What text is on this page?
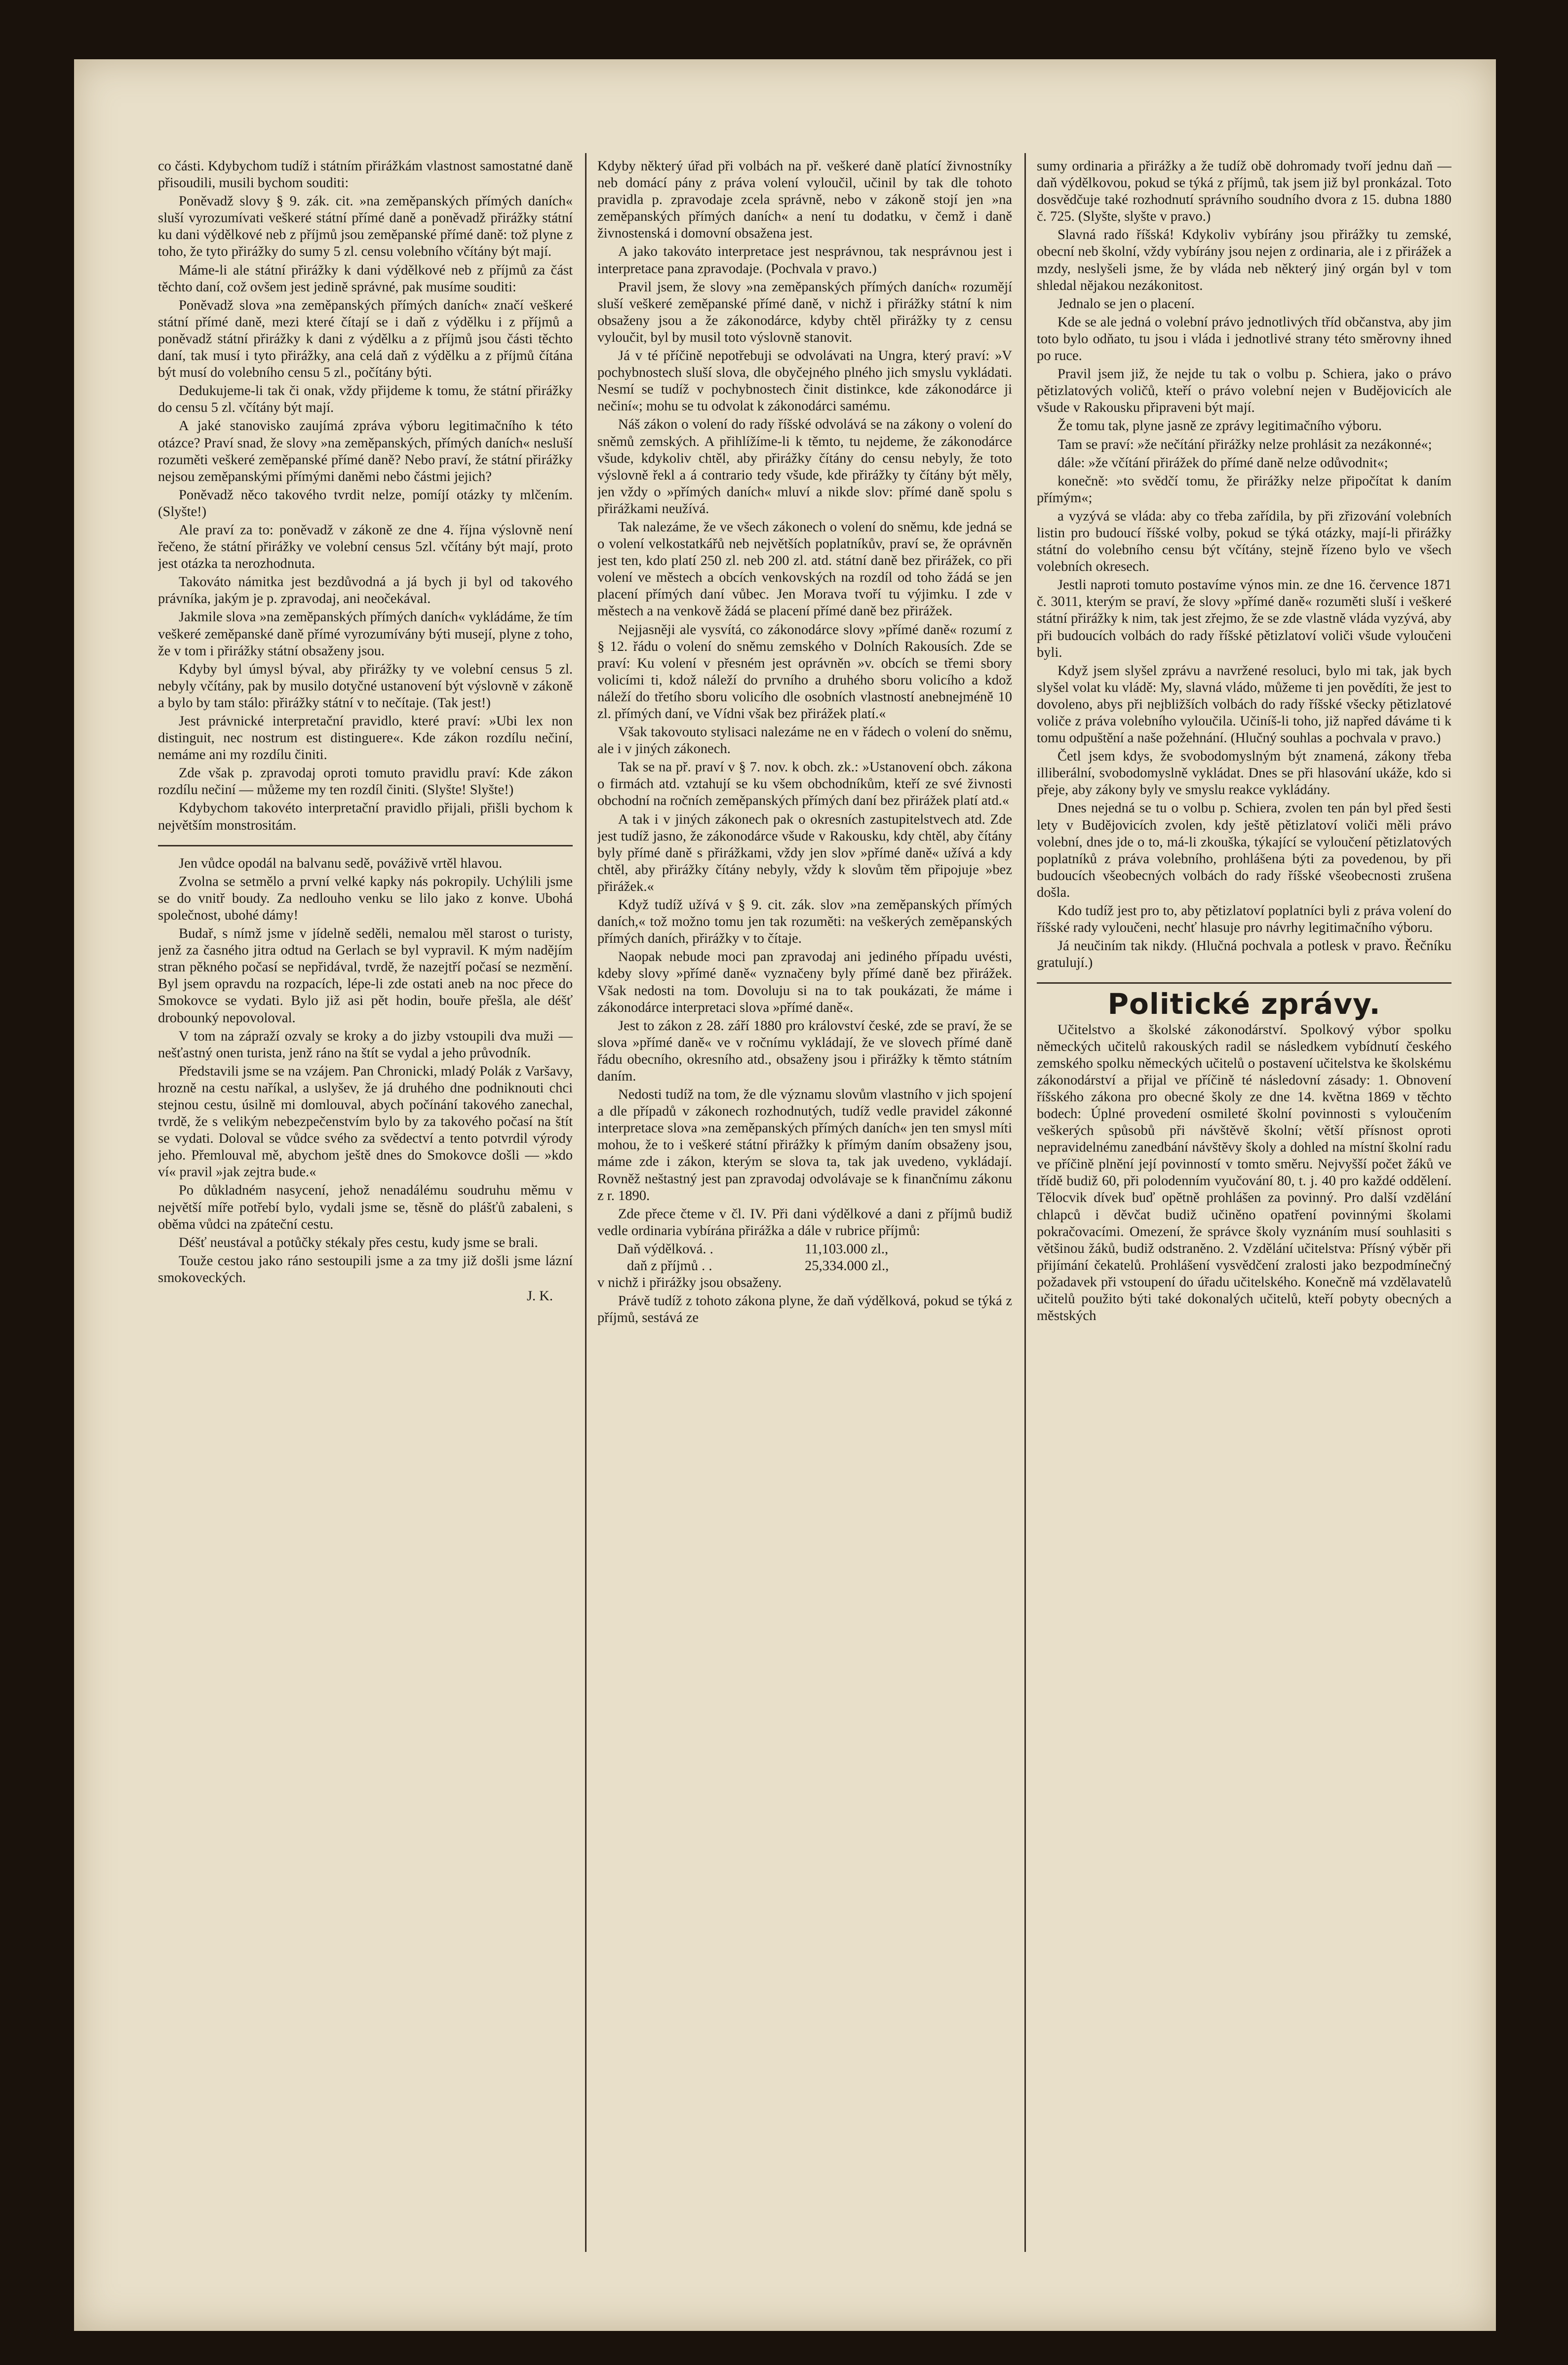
co části. Kdybychom tudíž i státním přirážkám vlastnost samostatné daně přisoudili, musili bychom souditi:

Poněvadž slovy § 9. zák. cit. »na zeměpanských přímých daních« sluší vyrozumívati veškeré státní přímé daně a poněvadž přirážky státní ku dani výdělkové neb z příjmů jsou zeměpanské přímé daně: tož plyne z toho, že tyto přirážky do sumy 5 zl. censu volebního včítány být mají.

Máme-li ale státní přirážky k dani výdělkové neb z příjmů za část těchto daní, což ovšem jest jedině správné, pak musíme souditi:

Poněvadž slova »na zeměpanských přímých daních« značí veškeré státní přímé daně, mezi které čítají se i daň z výdělku i z příjmů a poněvadž státní přirážky k dani z výdělku a z příjmů jsou části těchto daní, tak musí i tyto přirážky, ana celá daň z výdělku a z příjmů čítána být musí do volebního censu 5 zl., počítány býti.

Dedukujeme-li tak či onak, vždy přijdeme k tomu, že státní přirážky do censu 5 zl. včítány být mají.

A jaké stanovisko zaujímá zpráva výboru legitimačního k této otázce? Praví snad, že slovy »na zeměpanských, přímých daních« nesluší rozuměti veškeré zeměpanské přímé daně? Nebo praví, že státní přirážky nejsou zeměpanskými přímými daněmi nebo částmi jejich?

Poněvadž něco takového tvrdit nelze, pomíjí otázky ty mlčením. (Slyšte!)

Ale praví za to: poněvadž v zákoně ze dne 4. října výslovně není řečeno, že státní přirážky ve volební census 5zl. včítány být mají, proto jest otázka ta nerozhodnuta.

Takováto námitka jest bezdůvodná a já bych ji byl od takového právníka, jakým je p. zpravodaj, ani neočekával.

Jakmile slova »na zeměpanských přímých daních« vykládáme, že tím veškeré zeměpanské daně přímé vyrozumívány býti musejí, plyne z toho, že v tom i přirážky státní obsaženy jsou.

Kdyby byl úmysl býval, aby přirážky ty ve volební census 5 zl. nebyly včítány, pak by musilo dotyčné ustanovení být výslovně v zákoně a bylo by tam stálo: přirážky státní v to nečítaje. (Tak jest!)

Jest právnické interpretační pravidlo, které praví: »Ubi lex non distinguit, nec nostrum est distinguere«. Kde zákon rozdílu nečiní, nemáme ani my rozdílu činiti.

Zde však p. zpravodaj oproti tomuto pravidlu praví: Kde zákon rozdílu nečiní — můžeme my ten rozdíl činiti. (Slyšte! Slyšte!)

Kdybychom takovéto interpretační pravidlo přijali, přišli bychom k největším monstrositám.

Jen vůdce opodál na balvanu sedě, pováživě vrtěl hlavou.

Zvolna se setmělo a první velké kapky nás pokropily. Uchýlili jsme se do vnitř boudy. Za nedlouho venku se lilo jako z konve. Ubohá společnost, ubohé dámy!

Budař, s nímž jsme v jídelně seděli, nemalou měl starost o turisty, jenž za časného jitra odtud na Gerlach se byl vypravil. K mým nadějím stran pěkného počasí se nepřidával, tvrdě, že nazejtří počasí se nezmění. Byl jsem opravdu na rozpacích, lépe-li zde ostati aneb na noc přece do Smokovce se vydati. Bylo již asi pět hodin, bouře přešla, ale déšť drobounký nepovoloval.

V tom na zápraží ozvaly se kroky a do jizby vstoupili dva muži — nešťastný onen turista, jenž ráno na štít se vydal a jeho průvodník.

Představili jsme se na vzájem. Pan Chronicki, mladý Polák z Varšavy, hrozně na cestu naříkal, a uslyšev, že já druhého dne podniknouti chci stejnou cestu, úsilně mi domlouval, abych počínání takového zanechal, tvrdě, že s velikým nebezpečenstvím bylo by za takového počasí na štít se vydati. Doloval se vůdce svého za svědectví a tento potvrdil výrody jeho. Přemlouval mě, abychom ještě dnes do Smokovce došli — »kdo ví« pravil »jak zejtra bude.«

Po důkladném nasycení, jehož nenadálému soudruhu měmu v největší míře potřebí bylo, vydali jsme se, těsně do plášťů zabaleni, s oběma vůdci na zpáteční cestu.

Déšť neustával a potůčky stékaly přes cestu, kudy jsme se brali.

Touže cestou jako ráno sestoupili jsme a za tmy již došli jsme lázní smokoveckých.

J. K.

Kdyby některý úřad při volbách na př. veškeré daně platící živnostníky neb domácí pány z práva volení vyloučil, učinil by tak dle tohoto pravidla p. zpravodaje zcela správně, nebo v zákoně stojí jen »na zeměpanských přímých daních« a není tu dodatku, v čemž i daně živnostenská i domovní obsažena jest.

A jako takováto interpretace jest nesprávnou, tak nesprávnou jest i interpretace pana zpravodaje. (Pochvala v pravo.)

Pravil jsem, že slovy »na zeměpanských přímých daních« rozumějí sluší veškeré zeměpanské přímé daně, v nichž i přirážky státní k nim obsaženy jsou a že zákonodárce, kdyby chtěl přirážky ty z censu vyloučit, byl by musil toto výslovně stanovit.

Já v té příčině nepotřebuji se odvolávati na Ungra, který praví: »V pochybnostech sluší slova, dle obyčejného plného jich smyslu vykládati. Nesmí se tudíž v pochybnostech činit distinkce, kde zákonodárce ji nečiní«; mohu se tu odvolat k zákonodárci samému.

Náš zákon o volení do rady říšské odvolává se na zákony o volení do sněmů zemských. A přihlížíme-li k těmto, tu nejdeme, že zákonodárce všude, kdykoliv chtěl, aby přirážky čítány do censu nebyly, že toto výslovně řekl a á contrario tedy všude, kde přirážky ty čítány být měly, jen vždy o »přímých daních« mluví a nikde slov: přímé daně spolu s přirážkami neužívá.

Tak nalezáme, že ve všech zákonech o volení do sněmu, kde jedná se o volení velkostatkářů neb největších poplatníkův, praví se, že oprávněn jest ten, kdo platí 250 zl. neb 200 zl. atd. státní daně bez přirážek, co při volení ve městech a obcích venkovských na rozdíl od toho žádá se jen placení přímých daní vůbec. Jen Morava tvoří tu výjimku. I zde v městech a na venkově žádá se placení přímé daně bez přirážek.

Nejjasněji ale vysvítá, co zákonodárce slovy »přímé daně« rozumí z § 12. řádu o volení do sněmu zemského v Dolních Rakousích. Zde se praví: Ku volení v přesném jest oprávněn »v. obcích se třemi sbory volicími ti, kdož náleží do prvního a druhého sboru volicího a kdož náleží do třetího sboru volicího dle osobních vlastností anebnejméně 10 zl. přímých daní, ve Vídni však bez přirážek platí.«

Však takovouto stylisaci nalezáme ne en v řádech o volení do sněmu, ale i v jiných zákonech.

Tak se na př. praví v § 7. nov. k obch. zk.: »Ustanovení obch. zákona o firmách atd. vztahují se ku všem obchodníkům, kteří ze své živnosti obchodní na ročních zeměpanských přímých daní bez přirážek platí atd.«

A tak i v jiných zákonech pak o okresních zastupitelstvech atd. Zde jest tudíž jasno, že zákonodárce všude v Rakousku, kdy chtěl, aby čítány byly přímé daně s přirážkami, vždy jen slov »přímé daně« užívá a kdy chtěl, aby přirážky čítány nebyly, vždy k slovům těm připojuje »bez přirážek.«

Když tudíž užívá v § 9. cit. zák. slov »na zeměpanských přímých daních,« tož možno tomu jen tak rozuměti: na veškerých zeměpanských přímých daních, přirážky v to čítaje.

Naopak nebude moci pan zpravodaj ani jediného případu uvésti, kdeby slovy »přímé daně« vyznačeny byly přímé daně bez přirážek. Však nedosti na tom. Dovoluju si na to tak poukázati, že máme i zákonodárce interpretaci slova »přímé daně«.

Jest to zákon z 28. září 1880 pro království české, zde se praví, že se slova »přímé daně« ve v ročnímu vykládají, že ve slovech přímé daně řádu obecního, okresního atd., obsaženy jsou i přirážky k těmto státním daním.

Nedosti tudíž na tom, že dle významu slovům vlastního v jich spojení a dle případů v zákonech rozhodnutých, tudíž vedle pravidel zákonné interpretace slova »na zeměpanských přímých daních« jen ten smysl míti mohou, že to i veškeré státní přirážky k přímým daním obsaženy jsou, máme zde i zákon, kterým se slova ta, tak jak uvedeno, vykládají. Rovněž neštastný jest pan zpravodaj odvolávaje se k finančnímu zákonu z r. 1890.

Zde přece čteme v čl. IV. Při dani výdělkové a dani z příjmů budiž vedle ordinaria vybírána přirážka a dále v rubrice příjmů:

Daň výdělková. .	11,103.000 zl.,
daň z příjmů . .	25,334.000 zl.,

v nichž i přirážky jsou obsaženy.

Právě tudíž z tohoto zákona plyne, že daň výdělková, pokud se týká z příjmů, sestává ze

sumy ordinaria a přirážky a že tudíž obě dohromady tvoří jednu daň — daň výdělkovou, pokud se týká z příjmů, tak jsem již byl pronkázal. Toto dosvědčuje také rozhodnutí správního soudního dvora z 15. dubna 1880 č. 725. (Slyšte, slyšte v pravo.)

Slavná rado říšská! Kdykoliv vybírány jsou přirážky tu zemské, obecní neb školní, vždy vybírány jsou nejen z ordinaria, ale i z přirážek a mzdy, neslyšeli jsme, že by vláda neb některý jiný orgán byl v tom shledal nějakou nezákonitost.

Jednalo se jen o placení.

Kde se ale jedná o volební právo jednotlivých tříd občanstva, aby jim toto bylo odňato, tu jsou i vláda i jednotlivé strany této směrovny ihned po ruce.

Pravil jsem již, že nejde tu tak o volbu p. Schiera, jako o právo pětizlatových voličů, kteří o právo volební nejen v Budějovicích ale všude v Rakousku připraveni být mají.

Že tomu tak, plyne jasně ze zprávy legitimačního výboru.

Tam se praví: »že nečítání přirážky nelze prohlásit za nezákonné«;

dále: »že včítání přirážek do přímé daně nelze odůvodnit«;

konečně: »to svědčí tomu, že přirážky nelze připočítat k daním přímým«;

a vyzývá se vláda: aby co třeba zařídila, by při zřizování volebních listin pro budoucí říšské volby, pokud se týká otázky, mají-li přirážky státní do volebního censu být včítány, stejně řízeno bylo ve všech volebních okresech.

Jestli naproti tomuto postavíme výnos min. ze dne 16. července 1871 č. 3011, kterým se praví, že slovy »přímé daně« rozuměti sluší i veškeré státní přirážky k nim, tak jest zřejmo, že se zde vlastně vláda vyzývá, aby při budoucích volbách do rady říšské pětizlatoví voliči všude vyloučeni byli.

Když jsem slyšel zprávu a navržené resoluci, bylo mi tak, jak bych slyšel volat ku vládě: My, slavná vládo, můžeme ti jen povědíti, že jest to dovoleno, abys při nejbližších volbách do rady říšské všecky pětizlatové voliče z práva volebního vyloučila. Učiníš-li toho, již napřed dáváme ti k tomu odpuštění a naše požehnání. (Hlučný souhlas a pochvala v pravo.)

Četl jsem kdys, že svobodomyslným být znamená, zákony třeba illiberální, svobodomyslně vykládat. Dnes se při hlasování ukáže, kdo si přeje, aby zákony byly ve smyslu reakce vykládány.

Dnes nejedná se tu o volbu p. Schiera, zvolen ten pán byl před šesti lety v Budějovicích zvolen, kdy ještě pětizlatoví voliči měli právo volební, dnes jde o to, má-li zkouška, týkající se vyloučení pětizlatových poplatníků z práva volebního, prohlášena býti za povedenou, by při budoucích všeobecných volbách do rady říšské všeobecnosti zrušena došla.

Kdo tudíž jest pro to, aby pětizlatoví poplatníci byli z práva volení do říšské rady vyloučeni, nechť hlasuje pro návrhy legitimačního výboru.

Já neučiním tak nikdy. (Hlučná pochvala a potlesk v pravo. Řečníku gratulují.)

Politické zprávy.

Učitelstvo a školské zákonodárství. Spolkový výbor spolku německých učitelů rakouských radil se následkem vybídnutí českého zemského spolku německých učitelů o postavení učitelstva ke školskému zákonodárství a přijal ve příčině té následovní zásady: 1. Obnovení říšského zákona pro obecné školy ze dne 14. května 1869 v těchto bodech: Úplné provedení osmileté školní povinnosti s vyloučením veškerých spůsobů při návštěvě školní; větší přísnost oproti nepravidelnému zanedbání návštěvy školy a dohled na místní školní radu ve příčině plnění její povinností v tomto směru. Nejvyšší počet žáků ve třídě budiž 60, při polodenním vyučování 80, t. j. 40 pro každé oddělení. Tělocvik dívek buď opětně prohlášen za povinný. Pro další vzdělání chlapců i děvčat budiž učiněno opatření povinnými školami pokračovacími. Omezení, že správce školy vyznáním musí souhlasiti s většinou žáků, budiž odstraněno. 2. Vzdělání učitelstva: Přísný výběr při přijímání čekatelů. Prohlášení vysvědčení zralosti jako bezpodmínečný požadavek při vstoupení do úřadu učitelského. Konečně má vzdělavatelů učitelů použito býti také dokonalých učitelů, kteří pobyty obecných a městských
